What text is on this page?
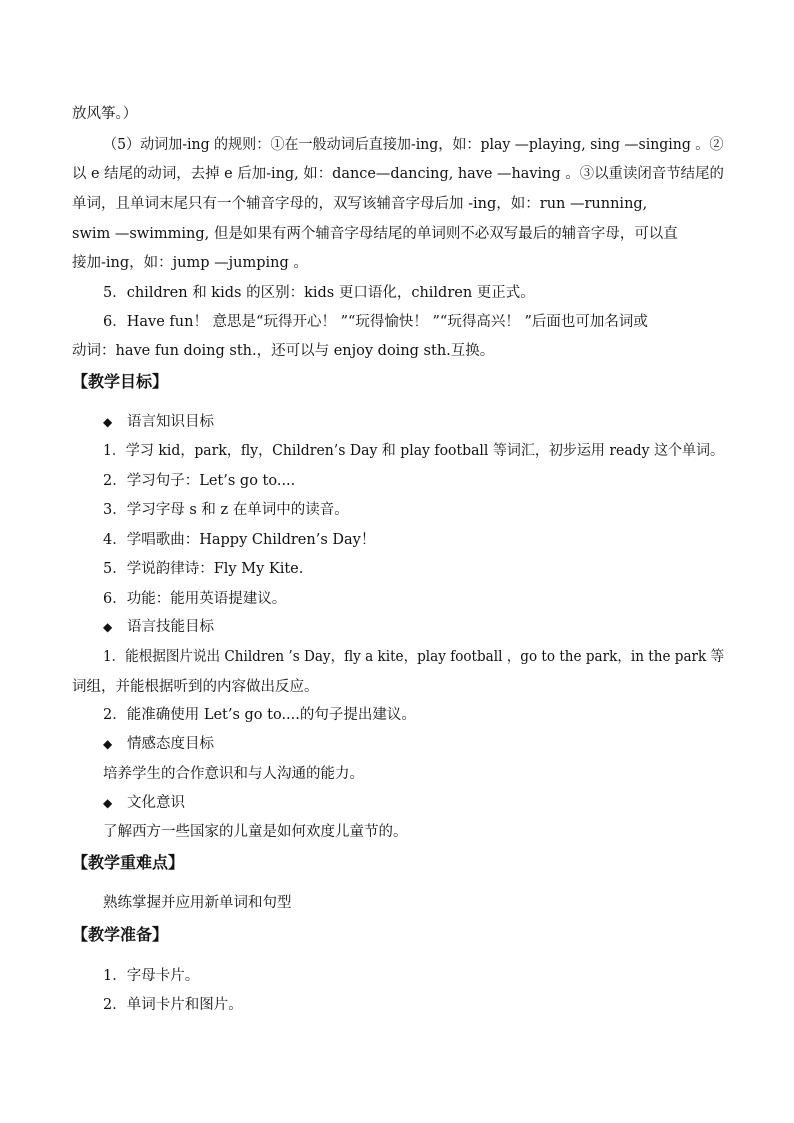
放风筝。）
（5）动词加-ing 的规则：①在一般动词后直接加-ing，如：play —playing, sing —singing 。②
以 e 结尾的动词，去掉 e 后加-ing, 如：dance—dancing, have —having 。③以重读闭音节结尾的
单词，且单词末尾只有一个辅音字母的，双写该辅音字母后加 -ing，如：run —running,
swim —swimming, 但是如果有两个辅音字母结尾的单词则不必双写最后的辅音字母，可以直
接加-ing，如：jump —jumping 。
5．children 和 kids 的区别：kids 更口语化，children 更正式。
6．Have fun！ 意思是“玩得开心！ ”“玩得愉快！ ”“玩得高兴！ ”后面也可加名词或
动词：have fun doing sth.，还可以与 enjoy doing sth.互换。
【教学目标】
◆ 语言知识目标
1．学习 kid，park，fly，Children’s Day 和 play football 等词汇，初步运用 ready 这个单词。
2．学习句子：Let’s go to....
3．学习字母 s 和 z 在单词中的读音。
4．学唱歌曲：Happy Children’s Day！
5．学说韵律诗：Fly My Kite.
6．功能：能用英语提建议。
◆ 语言技能目标
1．能根据图片说出 Children ’s Day，fly a kite，play football ，go to the park，in the park 等
词组，并能根据听到的内容做出反应。
2．能准确使用 Let’s go to....的句子提出建议。
◆ 情感态度目标
培养学生的合作意识和与人沟通的能力。
◆ 文化意识
了解西方一些国家的儿童是如何欢度儿童节的。
【教学重难点】
熟练掌握并应用新单词和句型
【教学准备】
1．字母卡片。
2．单词卡片和图片。
